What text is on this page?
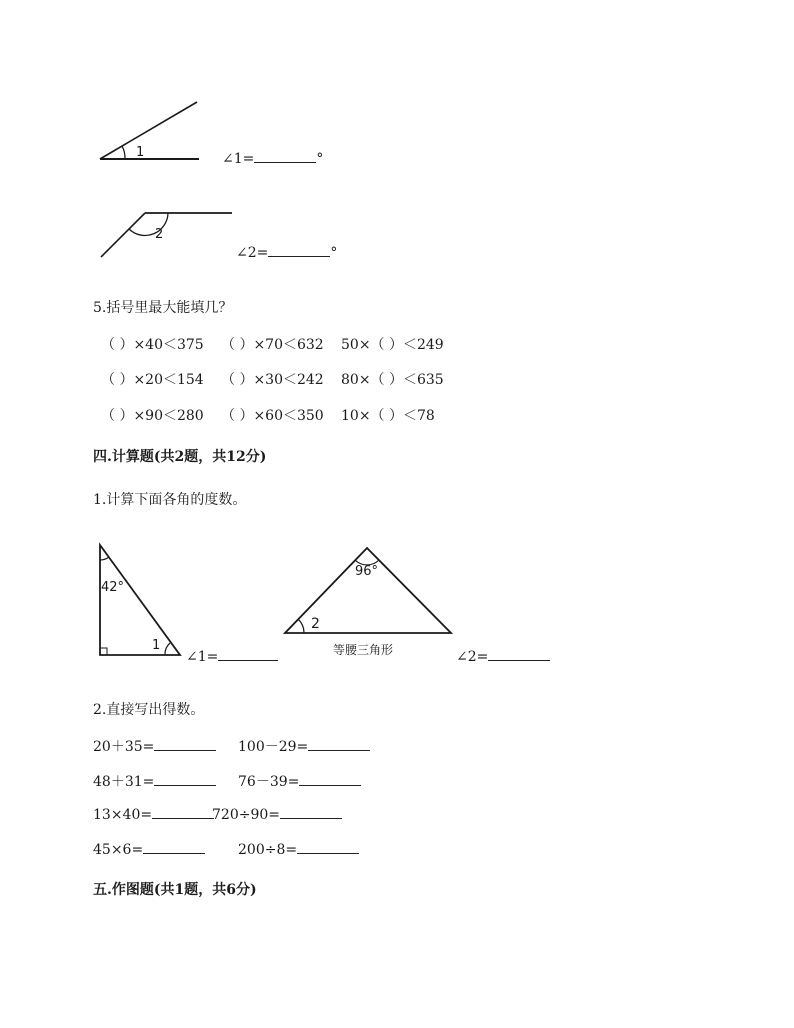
1	∠1=	°
2
∠2=	°
5.括号里最大能填几？
（ ）×40＜375 （ ）×70＜632 50×（ ）＜249
（ ）×20＜154 （ ）×30＜242 80×（ ）＜635
（ ）×90＜280 （ ）×60＜350 10×（ ）＜78
四.计算题(共2题，共12分)
1.计算下面各角的度数。
42°
1
∠1=
96°
2
等腰三角形	∠2=
2.直接写出得数。
20＋35=	100－29=
48＋31=	76－39=
13×40=	720÷90=
45×6=	200÷8=
五.作图题(共1题，共6分)
